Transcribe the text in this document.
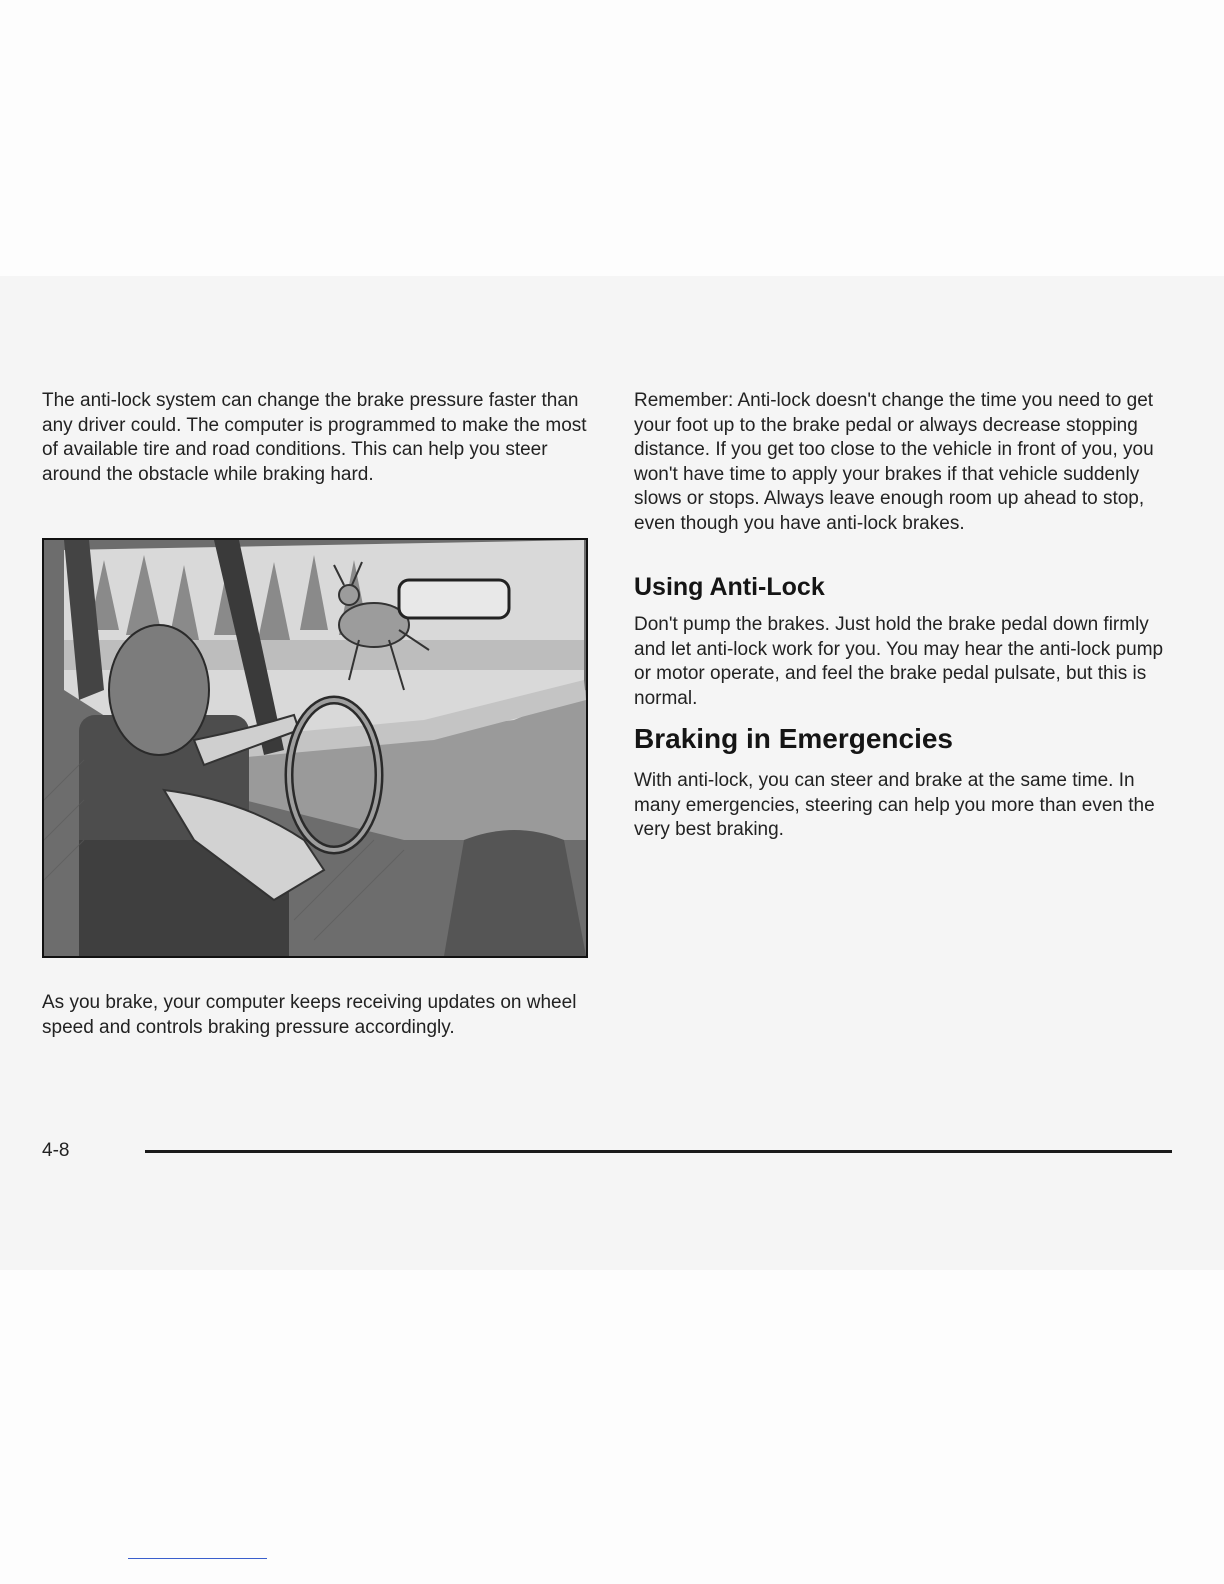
The anti-lock system can change the brake pressure faster than any driver could. The computer is programmed to make the most of available tire and road conditions. This can help you steer around the obstacle while braking hard.

As you brake, your computer keeps receiving updates on wheel speed and controls braking pressure accordingly.

Remember: Anti-lock doesn't change the time you need to get your foot up to the brake pedal or always decrease stopping distance. If you get too close to the vehicle in front of you, you won't have time to apply your brakes if that vehicle suddenly slows or stops. Always leave enough room up ahead to stop, even though you have anti-lock brakes.

Using Anti-Lock

Don't pump the brakes. Just hold the brake pedal down firmly and let anti-lock work for you. You may hear the anti-lock pump or motor operate, and feel the brake pedal pulsate, but this is normal.

Braking in Emergencies

With anti-lock, you can steer and brake at the same time. In many emergencies, steering can help you more than even the very best braking.

4-8
